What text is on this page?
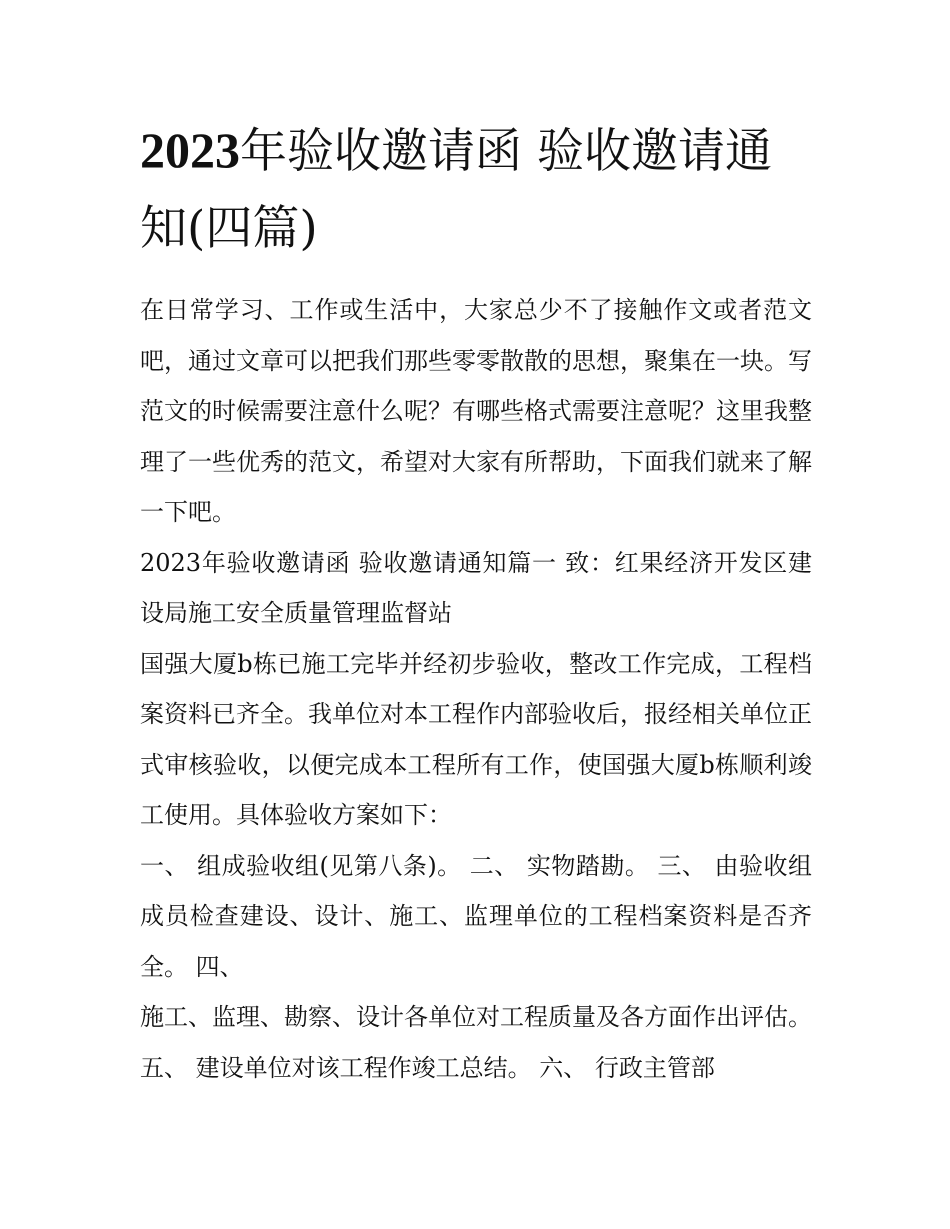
2023年验收邀请函 验收邀请通知(四篇)

在日常学习、工作或生活中，大家总少不了接触作文或者范文吧，通过文章可以把我们那些零零散散的思想，聚集在一块。写范文的时候需要注意什么呢？有哪些格式需要注意呢？这里我整理了一些优秀的范文，希望对大家有所帮助，下面我们就来了解一下吧。

2023年验收邀请函 验收邀请通知篇一 致：红果经济开发区建设局施工安全质量管理监督站

国强大厦b栋已施工完毕并经初步验收，整改工作完成，工程档案资料已齐全。我单位对本工程作内部验收后，报经相关单位正式审核验收，以便完成本工程所有工作，使国强大厦b栋顺利竣工使用。具体验收方案如下：

一、 组成验收组(见第八条)。 二、 实物踏勘。 三、 由验收组成员检查建设、设计、施工、监理单位的工程档案资料是否齐 全。 四、

施工、监理、勘察、设计各单位对工程质量及各方面作出评估。 五、 建设单位对该工程作竣工总结。 六、 行政主管部
